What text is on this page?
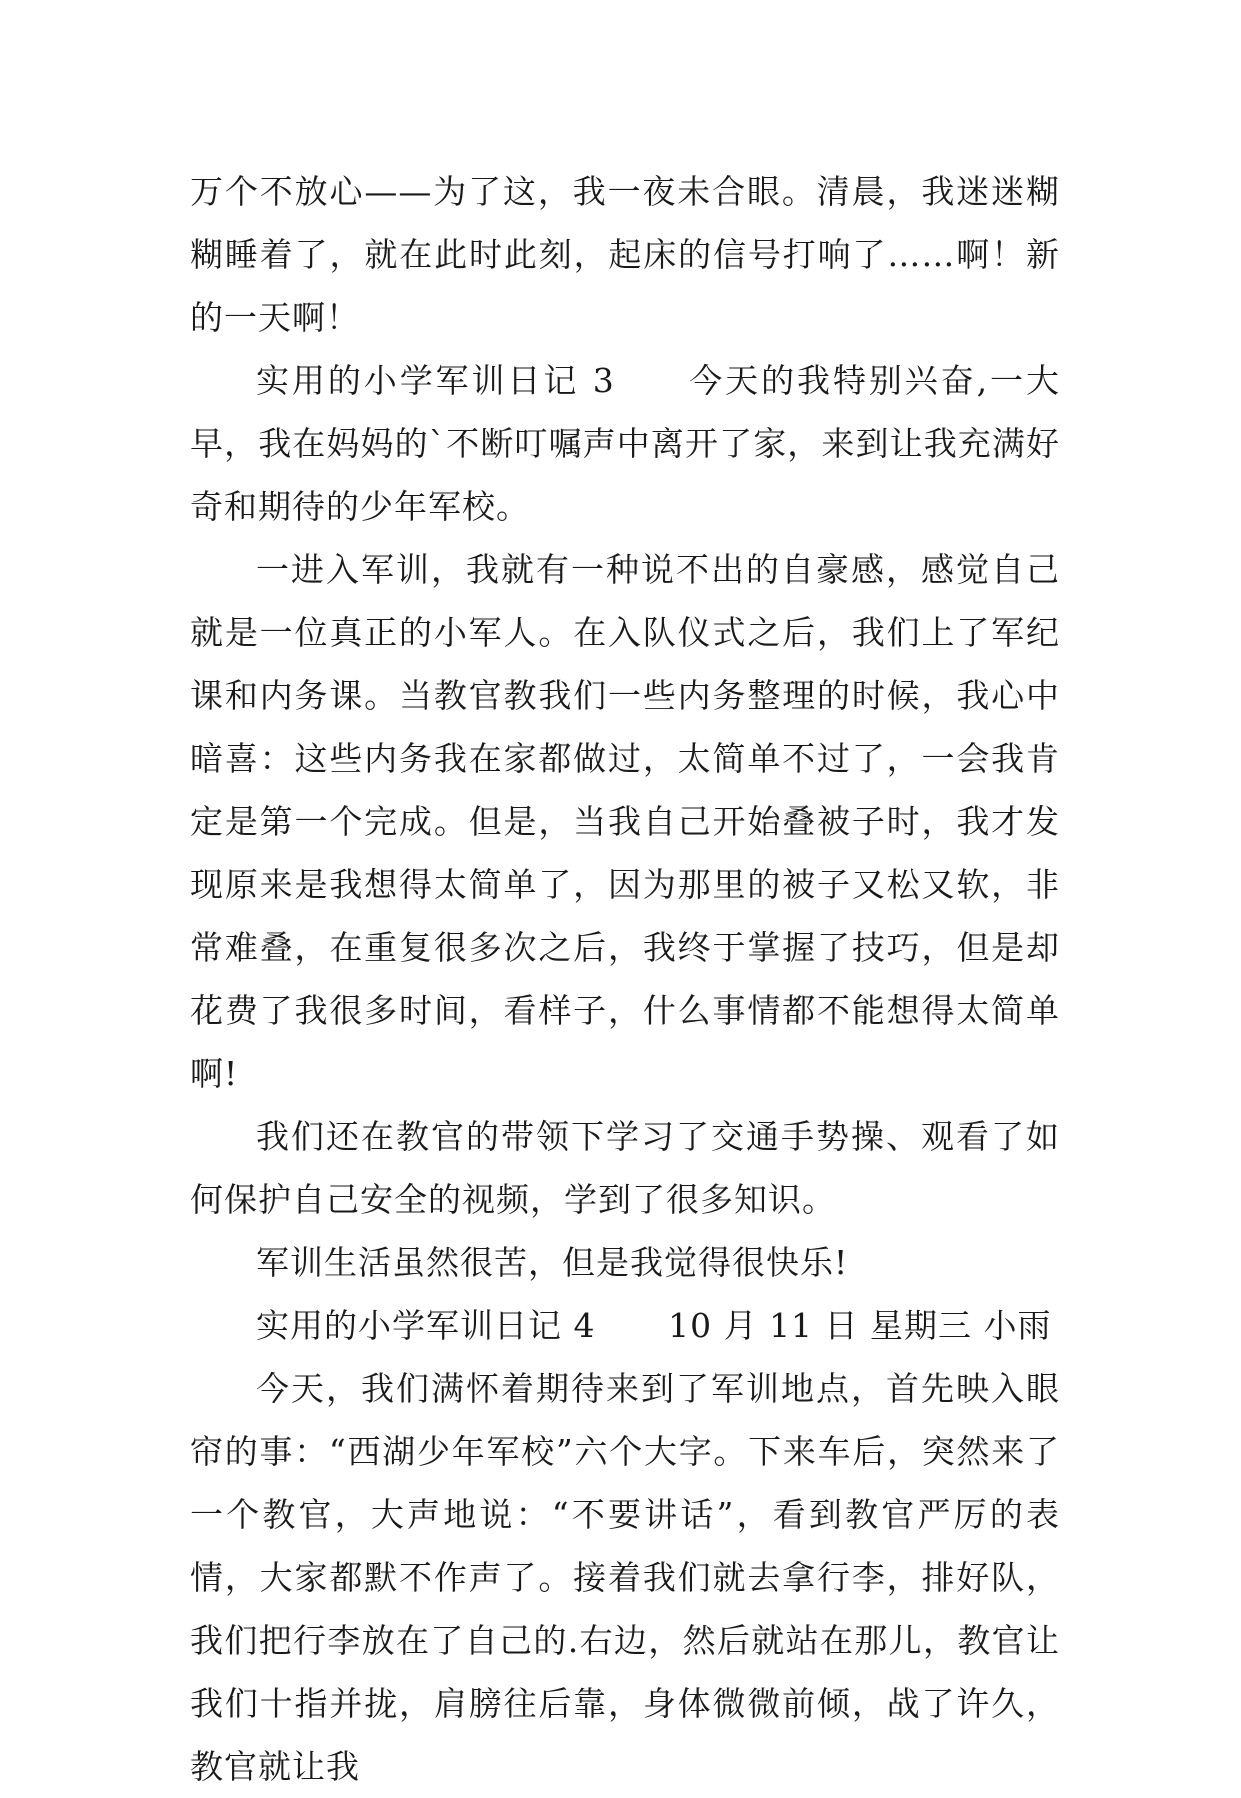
万个不放心——为了这，我一夜未合眼。清晨，我迷迷糊糊睡着了，就在此时此刻，起床的信号打响了……啊！新的一天啊！

实用的小学军训日记 3 今天的我特别兴奋,一大早，我在妈妈的`不断叮嘱声中离开了家，来到让我充满好奇和期待的少年军校。

一进入军训，我就有一种说不出的自豪感，感觉自己就是一位真正的小军人。在入队仪式之后，我们上了军纪课和内务课。当教官教我们一些内务整理的时候，我心中暗喜：这些内务我在家都做过，太简单不过了，一会我肯定是第一个完成。但是，当我自己开始叠被子时，我才发现原来是我想得太简单了，因为那里的被子又松又软，非常难叠，在重复很多次之后，我终于掌握了技巧，但是却花费了我很多时间，看样子，什么事情都不能想得太简单啊!

我们还在教官的带领下学习了交通手势操、观看了如何保护自己安全的视频，学到了很多知识。

军训生活虽然很苦，但是我觉得很快乐!

实用的小学军训日记 4 10 月 11 日 星期三 小雨

今天，我们满怀着期待来到了军训地点，首先映入眼帘的事：“西湖少年军校”六个大字。下来车后，突然来了一个教官，大声地说：“不要讲话”，看到教官严厉的表情，大家都默不作声了。接着我们就去拿行李，排好队，我们把行李放在了自己的.右边，然后就站在那儿，教官让我们十指并拢，肩膀往后靠，身体微微前倾，战了许久，教官就让我
